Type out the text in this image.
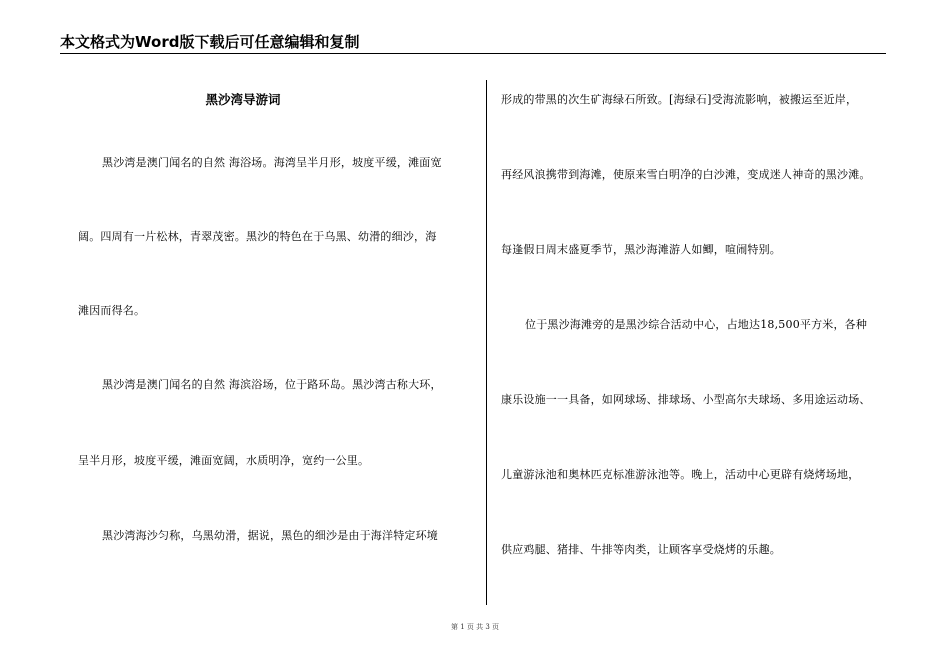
本文格式为Word版下载后可任意编辑和复制
黑沙湾导游词
黑沙湾是澳门闻名的自然 海浴场。海湾呈半月形，坡度平缓，滩面宽
阔。四周有一片松林，青翠茂密。黑沙的特色在于乌黑、幼滑的细沙，海
滩因而得名。
黑沙湾是澳门闻名的自然 海滨浴场，位于路环岛。黑沙湾古称大环，
呈半月形，坡度平缓，滩面宽阔，水质明净，宽约一公里。
黑沙湾海沙匀称，乌黑幼滑，据说，黑色的细沙是由于海洋特定环境
形成的带黑的次生矿海绿石所致。[海绿石]受海流影响，被搬运至近岸，
再经风浪携带到海滩，使原来雪白明净的白沙滩，变成迷人神奇的黑沙滩。
每逢假日周末盛夏季节，黑沙海滩游人如鲫，喧闹特别。
位于黑沙海滩旁的是黑沙综合活动中心，占地达18,500平方米，各种
康乐设施一一具备，如网球场、排球场、小型高尔夫球场、多用途运动场、
儿童游泳池和奥林匹克标准游泳池等。晚上，活动中心更辟有烧烤场地，
供应鸡腿、猪排、牛排等肉类，让顾客享受烧烤的乐趣。
第 1 页 共 3 页
